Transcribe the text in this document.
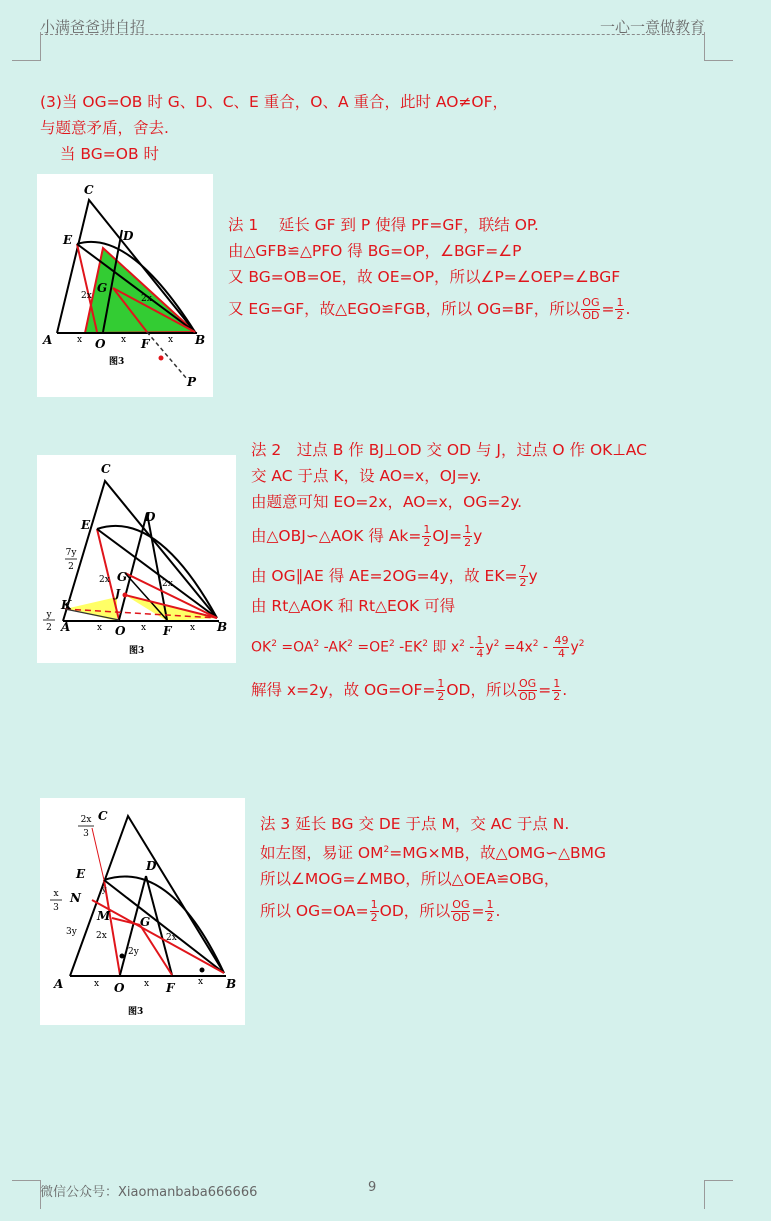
小满爸爸讲自招	一心一意做教育
(3)当 OG=OB 时 G、D、C、E 重合，O、A 重合，此时 AO≠OF，
与题意矛盾，舍去.
当 BG=OB 时
C
E	D
G
A	O	F	B
P
x	x	x
2x	2x
图3
法 1　 延长 GF 到 P 使得 PF=GF，联结 OP.
由△GFB≌△PFO 得 BG=OP，∠BGF=∠P
又 BG=OB=OE，故 OE=OP，所以∠P=∠OEP=∠BGF
又 EG=GF，故△EGO≌FGB，所以 OG=BF，所以 $\frac{OG}{OD} = \frac{1}{2}$ .
C
E
D
G
J
K
A	O	F	B
x	x	x
2x	2x
7y
2
y
2
图3
法 2　过点 B 作 BJ⊥OD 交 OD 与 J，过点 O 作 OK⊥AC
交 AC 于点 K，设 AO=x，OJ=y.
由题意可知 EO=2x，AO=x，OG=2y.
由△OBJ∽△AOK 得 $Ak= \frac{1}{2} OJ= \frac{1}{2}$ y
由 OG∥AE 得 AE=2OG=4y，故 $EK= \frac{7}{2}$ y
由 Rt△AOK 和 Rt△EOK 可得
$OK^2 =OA^2$ $-AK^2 =OE^2$ $-EK^2$ 即 $x^2 - \frac{1}{4} y^2 =4x^2 - \frac{49}{4} y^2$
解得 x=2y，故 $OG=OF= \frac{1}{2}$ OD，所以 $\frac{OG}{OD} = \frac{1}{2}$ .
C
E
D
G
M
N
A	O	F	B
x	x	x
2x	2x
2y
3y
y
2x
3
x
3
图3
法 3 延长 BG 交 DE 于点 M，交 AC 于点 N.
如左图，易证 $OM^2=MG\times MB$，故△OMG∽△BMG
所以∠MOG=∠MBO，所以△OEA≌OBG，
所以 $OG=OA= \frac{1}{2}$ OD，所以 $\frac{OG}{OD} = \frac{1}{2}$ .
微信公众号：Xiaomanbaba666666	9
